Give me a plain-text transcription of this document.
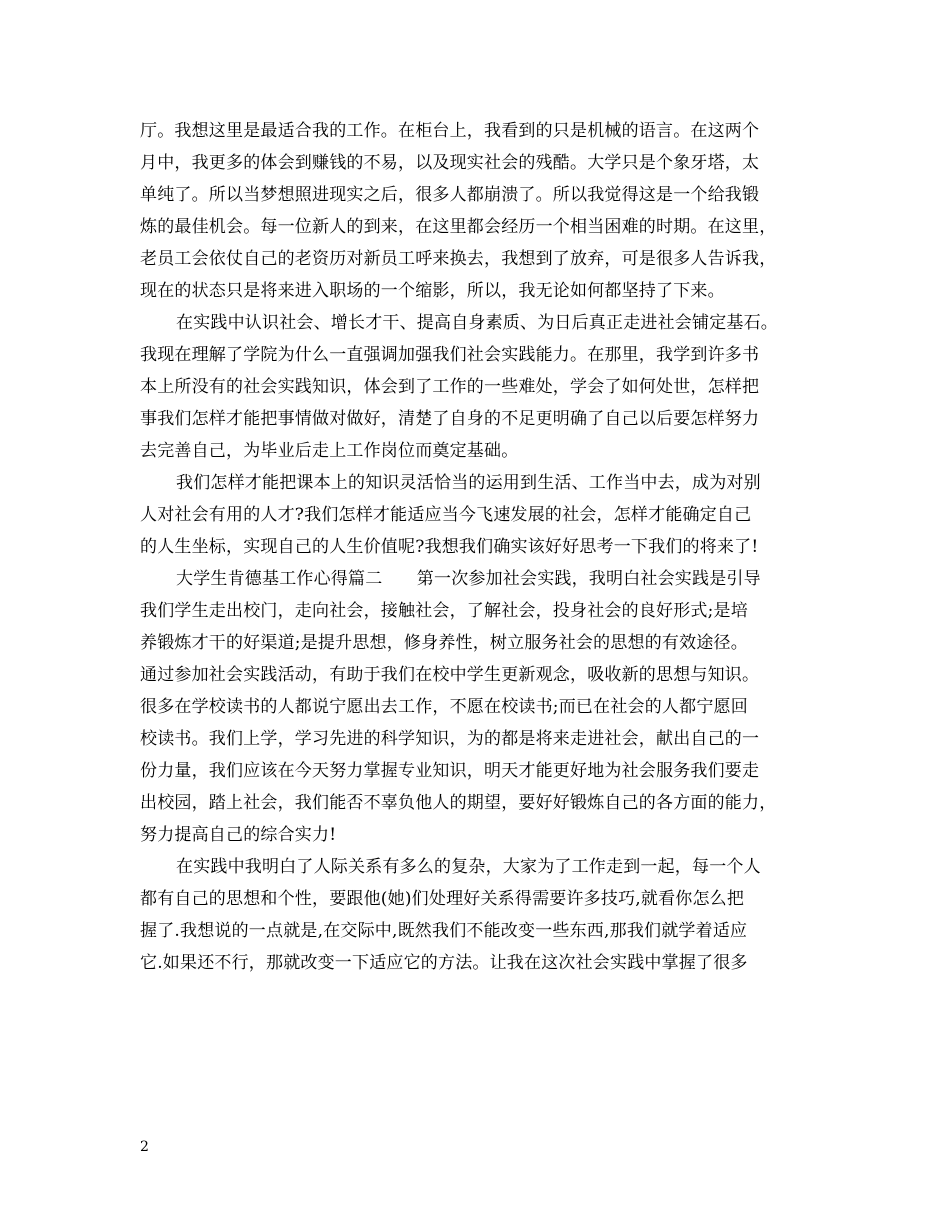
厅。我想这里是最适合我的工作。在柜台上，我看到的只是机械的语言。在这两个
月中，我更多的体会到赚钱的不易，以及现实社会的残酷。大学只是个象牙塔，太
单纯了。所以当梦想照进现实之后，很多人都崩溃了。所以我觉得这是一个给我锻
炼的最佳机会。每一位新人的到来，在这里都会经历一个相当困难的时期。在这里，
老员工会依仗自己的老资历对新员工呼来换去，我想到了放弃，可是很多人告诉我，
现在的状态只是将来进入职场的一个缩影，所以，我无论如何都坚持了下来。
在实践中认识社会、增长才干、提高自身素质、为日后真正走进社会铺定基石。
我现在理解了学院为什么一直强调加强我们社会实践能力。在那里，我学到许多书
本上所没有的社会实践知识，体会到了工作的一些难处，学会了如何处世，怎样把
事我们怎样才能把事情做对做好，清楚了自身的不足更明确了自己以后要怎样努力
去完善自己，为毕业后走上工作岗位而奠定基础。
我们怎样才能把课本上的知识灵活恰当的运用到生活、工作当中去，成为对别
人对社会有用的人才?我们怎样才能适应当今飞速发展的社会，怎样才能确定自己
的人生坐标，实现自己的人生价值呢?我想我们确实该好好思考一下我们的将来了!
大学生肯德基工作心得篇二　　第一次参加社会实践，我明白社会实践是引导
我们学生走出校门，走向社会，接触社会，了解社会，投身社会的良好形式;是培
养锻炼才干的好渠道;是提升思想，修身养性，树立服务社会的思想的有效途径。
通过参加社会实践活动，有助于我们在校中学生更新观念，吸收新的思想与知识。
很多在学校读书的人都说宁愿出去工作，不愿在校读书;而已在社会的人都宁愿回
校读书。我们上学，学习先进的科学知识，为的都是将来走进社会，献出自己的一
份力量，我们应该在今天努力掌握专业知识，明天才能更好地为社会服务我们要走
出校园，踏上社会，我们能否不辜负他人的期望，要好好锻炼自己的各方面的能力，
努力提高自己的综合实力!
在实践中我明白了人际关系有多么的复杂，大家为了工作走到一起，每一个人
都有自己的思想和个性，要跟他(她)们处理好关系得需要许多技巧,就看你怎么把
握了.我想说的一点就是,在交际中,既然我们不能改变一些东西,那我们就学着适应
它.如果还不行，那就改变一下适应它的方法。让我在这次社会实践中掌握了很多
2
